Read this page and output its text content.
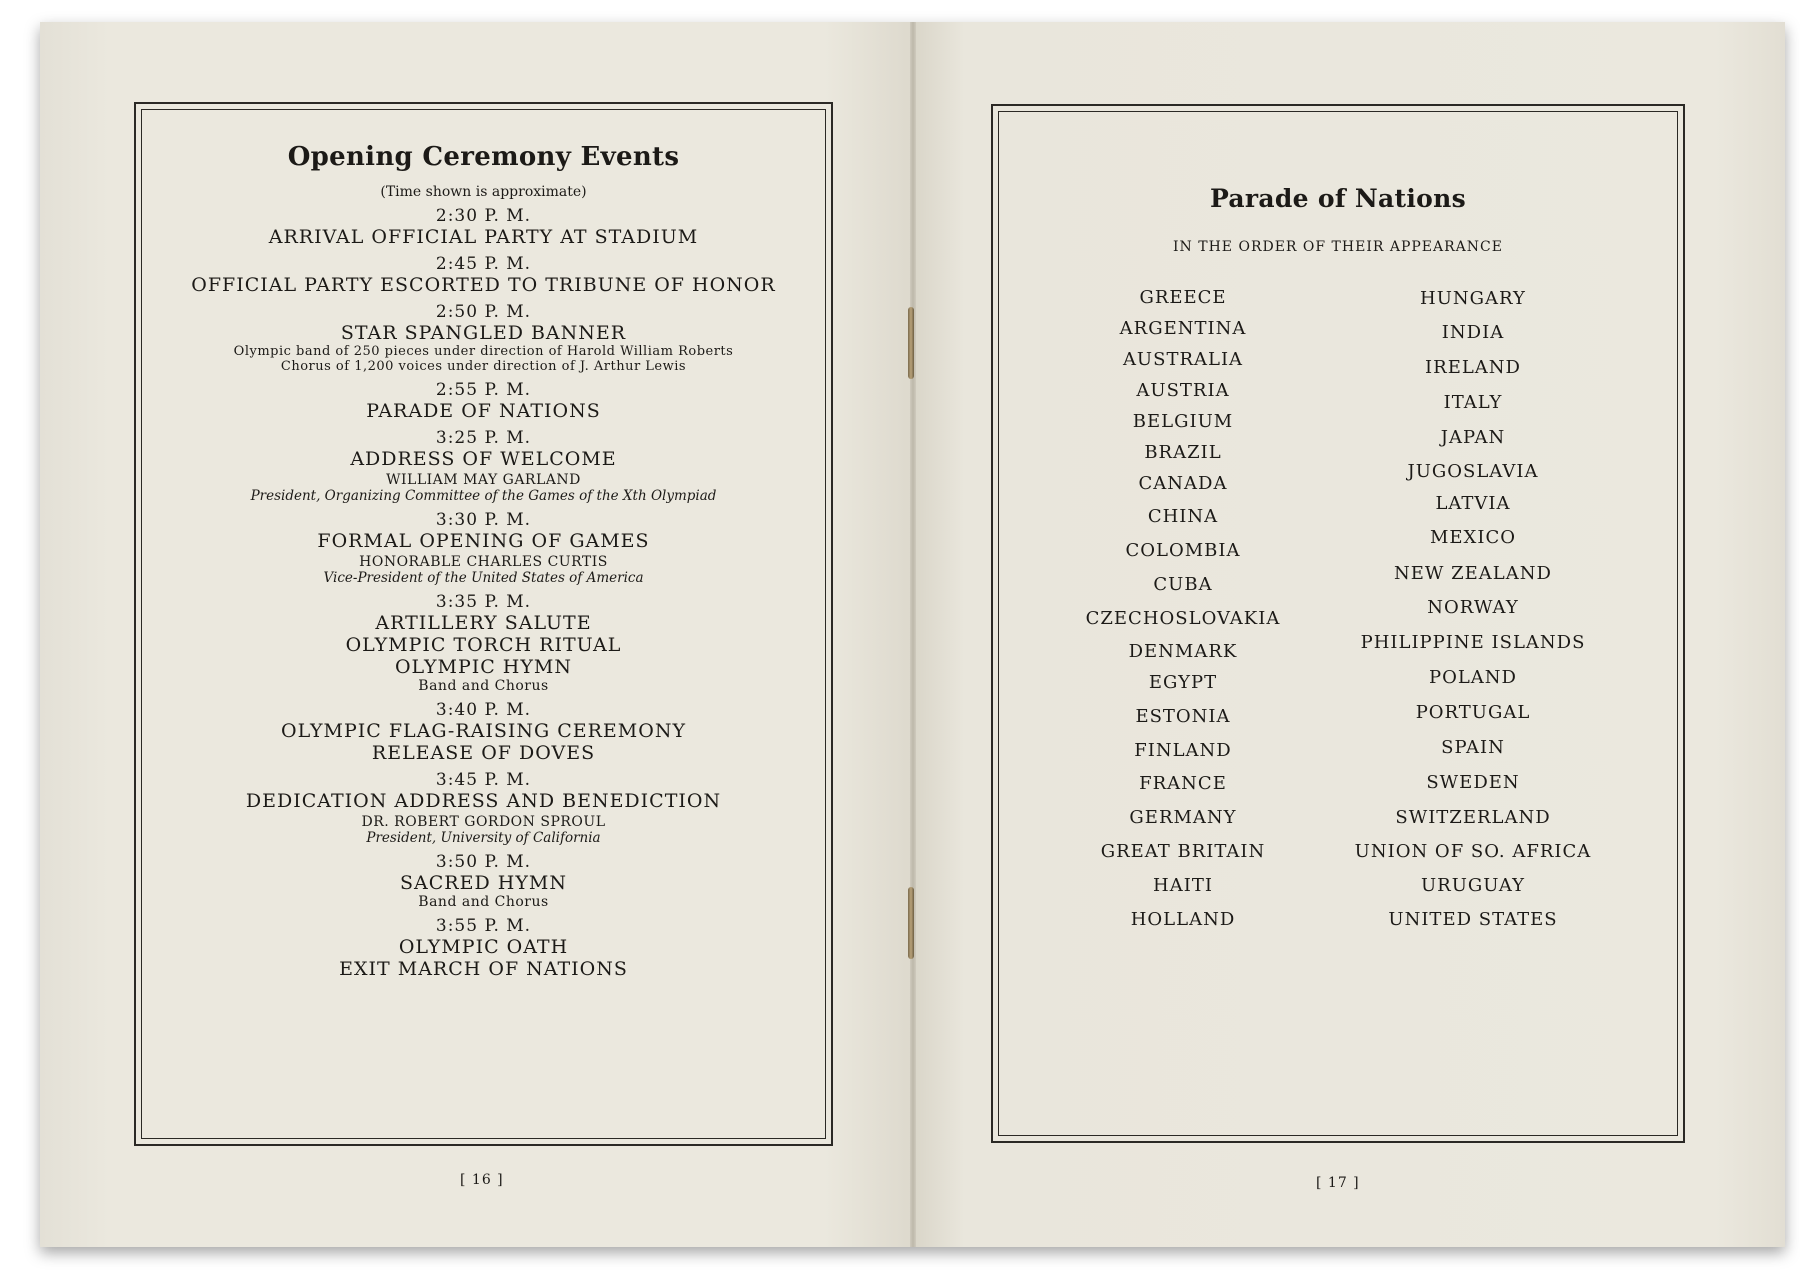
Opening Ceremony Events
(Time shown is approximate)
2:30 P. M.
ARRIVAL OFFICIAL PARTY AT STADIUM
2:45 P. M.
OFFICIAL PARTY ESCORTED TO TRIBUNE OF HONOR
2:50 P. M.
STAR SPANGLED BANNER
Olympic band of 250 pieces under direction of Harold William Roberts
Chorus of 1,200 voices under direction of J. Arthur Lewis
2:55 P. M.
PARADE OF NATIONS
3:25 P. M.
ADDRESS OF WELCOME
WILLIAM MAY GARLAND
President, Organizing Committee of the Games of the Xth Olympiad
3:30 P. M.
FORMAL OPENING OF GAMES
HONORABLE CHARLES CURTIS
Vice-President of the United States of America
3:35 P. M.
ARTILLERY SALUTE
OLYMPIC TORCH RITUAL
OLYMPIC HYMN
Band and Chorus
3:40 P. M.
OLYMPIC FLAG-RAISING CEREMONY
RELEASE OF DOVES
3:45 P. M.
DEDICATION ADDRESS AND BENEDICTION
DR. ROBERT GORDON SPROUL
President, University of California
3:50 P. M.
SACRED HYMN
Band and Chorus
3:55 P. M.
OLYMPIC OATH
EXIT MARCH OF NATIONS
[ 16 ]
Parade of Nations
IN THE ORDER OF THEIR APPEARANCE
GREECE
ARGENTINA
AUSTRALIA
AUSTRIA
BELGIUM
BRAZIL
CANADA
CHINA
COLOMBIA
CUBA
CZECHOSLOVAKIA
DENMARK
EGYPT
ESTONIA
FINLAND
FRANCE
GERMANY
GREAT BRITAIN
HAITI
HOLLAND
HUNGARY
INDIA
IRELAND
ITALY
JAPAN
JUGOSLAVIA
LATVIA
MEXICO
NEW ZEALAND
NORWAY
PHILIPPINE ISLANDS
POLAND
PORTUGAL
SPAIN
SWEDEN
SWITZERLAND
UNION OF SO. AFRICA
URUGUAY
UNITED STATES
[ 17 ]
